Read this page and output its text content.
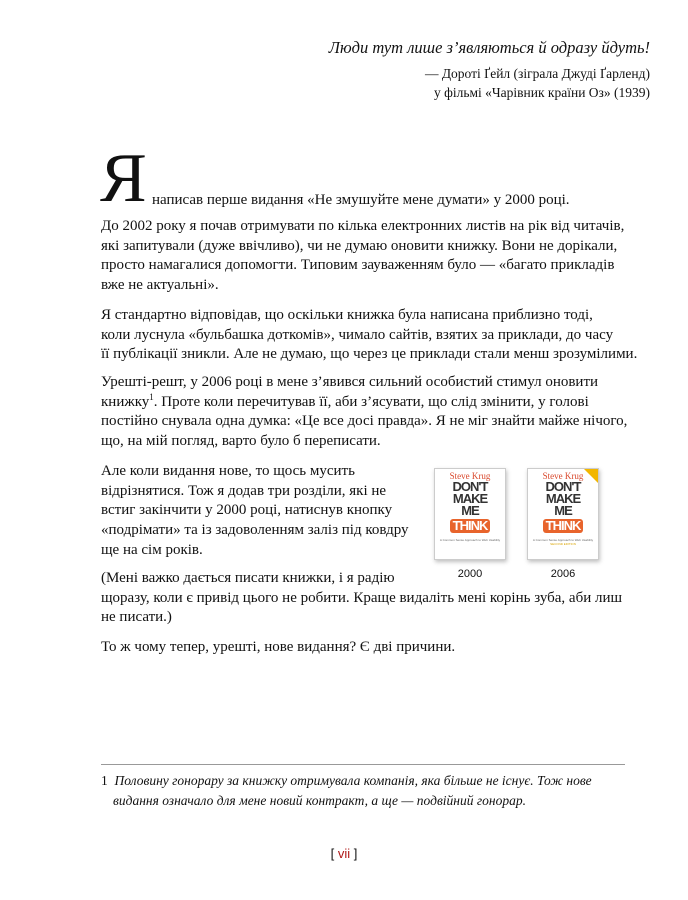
Люди тут лише з’являються й одразу йдуть!
— Дороті Ґейл (зіграла Джуді Ґарленд)
у фільмі «Чарівник країни Оз» (1939)
Я написав перше видання «Не змушуйте мене думати» у 2000 році.
До 2002 року я почав отримувати по кілька електронних листів на рік від читачів,
які запитували (дуже ввічливо), чи не думаю оновити книжку. Вони не дорікали,
просто намагалися допомогти. Типовим зауваженням було — «багато прикладів
вже не актуальні».
Я стандартно відповідав, що оскільки книжка була написана приблизно тоді,
коли луснула «бульбашка доткомів», чимало сайтів, взятих за приклади, до часу
її публікації зникли. Але не думаю, що через це приклади стали менш зрозумілими.
Урешті-решт, у 2006 році в мене з’явився сильний особистий стимул оновити
книжку$^1$. Проте коли перечитував її, аби з’ясувати, що слід змінити, у голові
постійно снувала одна думка: «Це все досі правда». Я не міг знайти майже нічого,
що, на мій погляд, варто було б переписати.
Але коли видання нове, то щось мусить
відрізнятися. Тож я додав три розділи, які не
встиг закінчити у 2000 році, натиснув кнопку
«подрімати» та із задоволенням заліз під ковдру
ще на сім років.
(Мені важко дається писати книжки, і я радію
щоразу, коли є привід цього не робити. Краще видаліть мені корінь зуба, аби лиш
не писати.)
То ж чому тепер, урешті, нове видання? Є дві причини.
Steve Krug
DON'T
MAKE
ME
THINK
A Common Sense Approach to Web Usability
2000
Steve Krug
DON'T
MAKE
ME
THINK
A Common Sense Approach to Web Usability
SECOND EDITION
2006
1 Половину гонорару за книжку отримувала компанія, яка більше не існує. Тож нове
видання означало для мене новий контракт, а ще — подвійний гонорар.
[ vii ]
